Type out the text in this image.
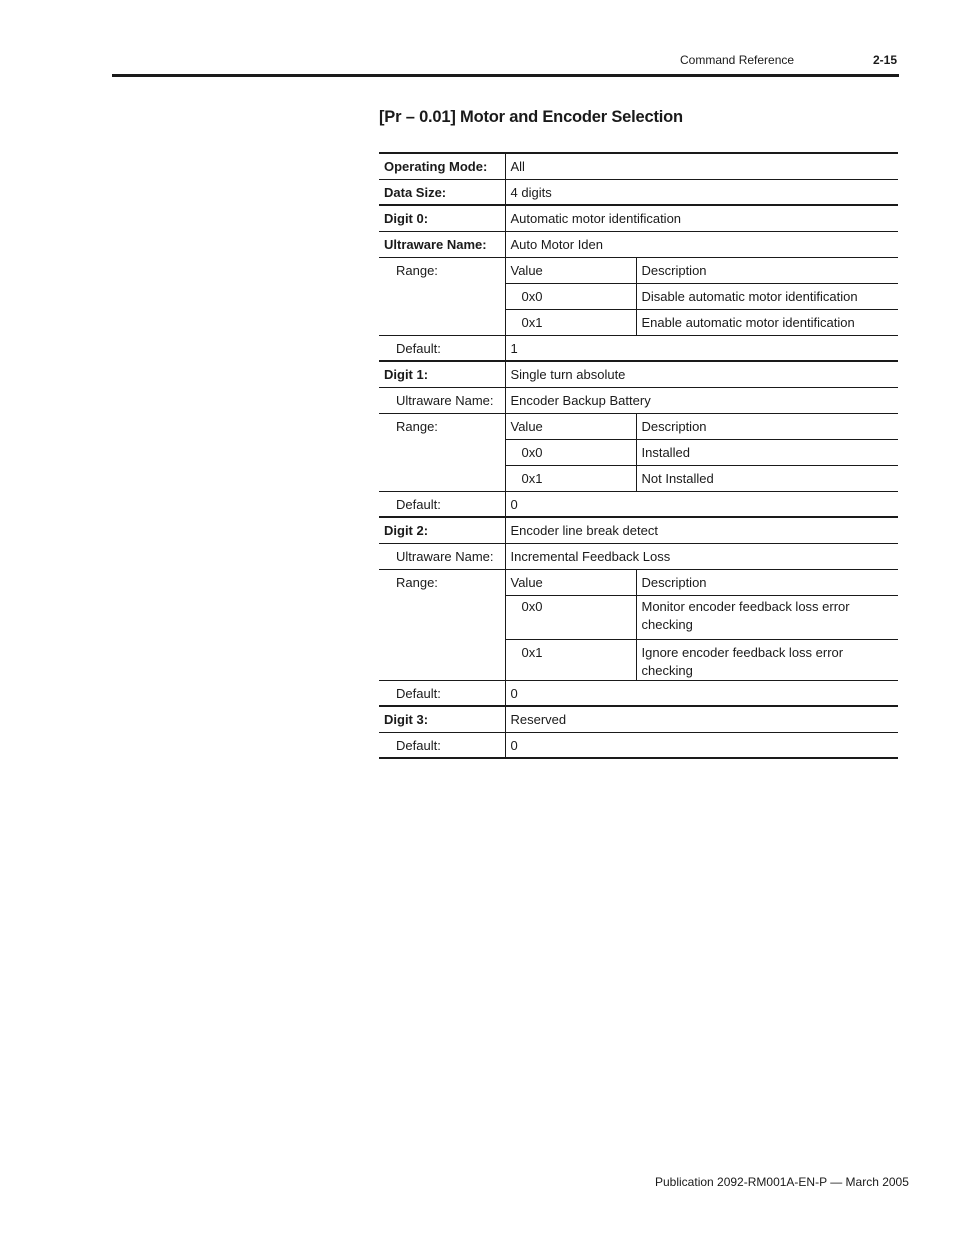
Command Reference	2-15
[Pr – 0.01] Motor and Encoder Selection
Operating Mode:	All	
Data Size:	4 digits	
Digit 0:	Automatic motor identification	
Ultraware Name:	Auto Motor Iden	
Range:	Value	Description
	0x0	Disable automatic motor identification
	0x1	Enable automatic motor identification
Default:	1	
Digit 1:	Single turn absolute	
Ultraware Name:	Encoder Backup Battery	
Range:	Value	Description
	0x0	Installed
	0x1	Not Installed
Default:	0	
Digit 2:	Encoder line break detect	
Ultraware Name:	Incremental Feedback Loss	
Range:	Value	Description
	0x0	Monitor encoder feedback loss error checking
	0x1	Ignore encoder feedback loss error checking
Default:	0	
Digit 3:	Reserved	
Default:	0	
Publication 2092-RM001A-EN-P — March 2005
